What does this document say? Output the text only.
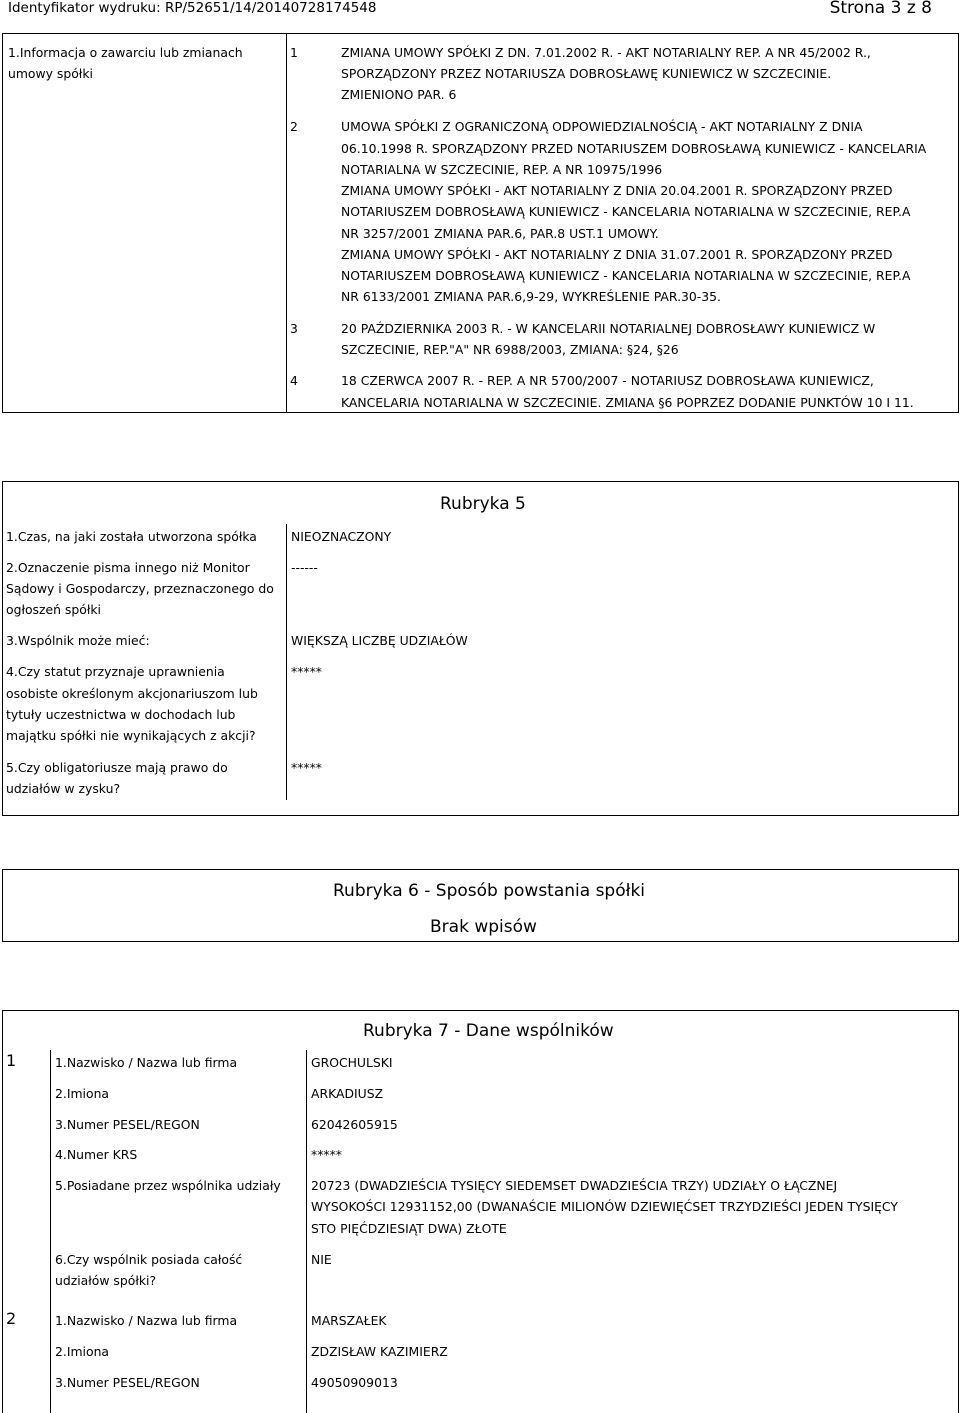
Identyfikator wydruku: RP/52651/14/20140728174548	Strona 3 z 8
1.Informacja o zawarciu lub zmianach
umowy spółki
1	ZMIANA UMOWY SPÓŁKI Z DN. 7.01.2002 R. - AKT NOTARIALNY REP. A NR 45/2002 R.,
SPORZĄDZONY PRZEZ NOTARIUSZA DOBROSŁAWĘ KUNIEWICZ W SZCZECINIE.
ZMIENIONO PAR. 6
2	UMOWA SPÓŁKI Z OGRANICZONĄ ODPOWIEDZIALNOŚCIĄ - AKT NOTARIALNY Z DNIA
06.10.1998 R. SPORZĄDZONY PRZED NOTARIUSZEM DOBROSŁAWĄ KUNIEWICZ - KANCELARIA
NOTARIALNA W SZCZECINIE, REP. A NR 10975/1996
ZMIANA UMOWY SPÓŁKI - AKT NOTARIALNY Z DNIA 20.04.2001 R. SPORZĄDZONY PRZED
NOTARIUSZEM DOBROSŁAWĄ KUNIEWICZ - KANCELARIA NOTARIALNA W SZCZECINIE, REP.A
NR 3257/2001 ZMIANA PAR.6, PAR.8 UST.1 UMOWY.
ZMIANA UMOWY SPÓŁKI - AKT NOTARIALNY Z DNIA 31.07.2001 R. SPORZĄDZONY PRZED
NOTARIUSZEM DOBROSŁAWĄ KUNIEWICZ - KANCELARIA NOTARIALNA W SZCZECINIE, REP.A
NR 6133/2001 ZMIANA PAR.6,9-29, WYKREŚLENIE PAR.30-35.
3	20 PAŹDZIERNIKA 2003 R. - W KANCELARII NOTARIALNEJ DOBROSŁAWY KUNIEWICZ W
SZCZECINIE, REP."A" NR 6988/2003, ZMIANA: §24, §26
4	18 CZERWCA 2007 R. - REP. A NR 5700/2007 - NOTARIUSZ DOBROSŁAWA KUNIEWICZ,
KANCELARIA NOTARIALNA W SZCZECINIE. ZMIANA §6 POPRZEZ DODANIE PUNKTÓW 10 I 11.
Rubryka 5
1.Czas, na jaki została utworzona spółka	NIEOZNACZONY
2.Oznaczenie pisma innego niż Monitor
Sądowy i Gospodarczy, przeznaczonego do
ogłoszeń spółki
------
3.Wspólnik może mieć:	WIĘKSZĄ LICZBĘ UDZIAŁÓW
4.Czy statut przyznaje uprawnienia
osobiste określonym akcjonariuszom lub
tytuły uczestnictwa w dochodach lub
majątku spółki nie wynikających z akcji?
*****
5.Czy obligatoriusze mają prawo do
udziałów w zysku?
*****
Rubryka 6 - Sposób powstania spółki
Brak wpisów
Rubryka 7 - Dane wspólników
1	1.Nazwisko / Nazwa lub firma	GROCHULSKI
2.Imiona	ARKADIUSZ
3.Numer PESEL/REGON	62042605915
4.Numer KRS	*****
5.Posiadane przez wspólnika udziały 20723 (DWADZIEŚCIA TYSIĘCY SIEDEMSET DWADZIEŚCIA TRZY) UDZIAŁY O ŁĄCZNEJ
WYSOKOŚCI 12931152,00 (DWANAŚCIE MILIONÓW DZIEWIĘĆSET TRZYDZIEŚCI JEDEN TYSIĘCY
STO PIĘĆDZIESIĄT DWA) ZŁOTE
6.Czy wspólnik posiada całość
udziałów spółki?
NIE
2	1.Nazwisko / Nazwa lub firma	MARSZAŁEK
2.Imiona	ZDZISŁAW KAZIMIERZ
3.Numer PESEL/REGON	49050909013
